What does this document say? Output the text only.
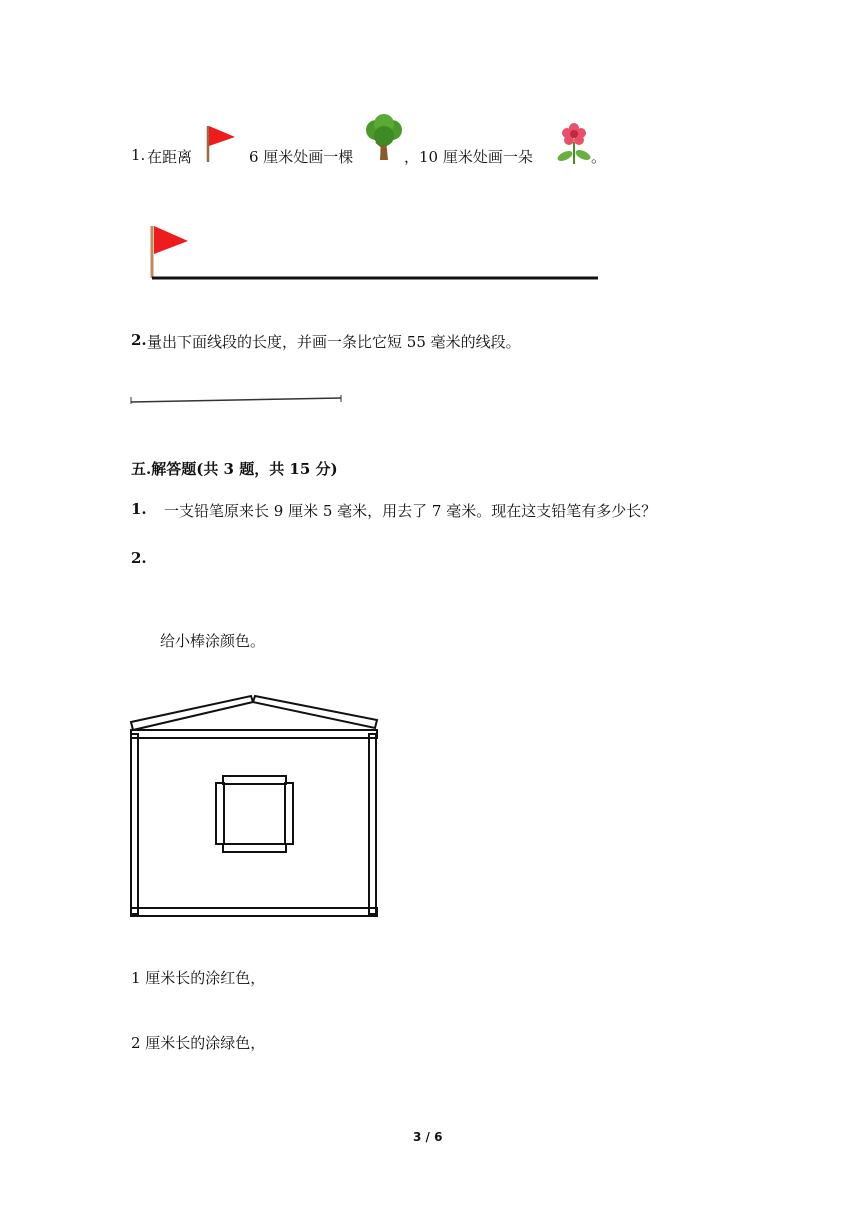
1. 在距离	6 厘米处画一棵	，10 厘米处画一朵	。
2. 量出下面线段的长度，并画一条比它短 55 毫米的线段。
五.解答题(共 3 题，共 15 分)
1. 一支铅笔原来长 9 厘米 5 毫米，用去了 7 毫米。现在这支铅笔有多少长？
2.
给小棒涂颜色。
1 厘米长的涂红色，
2 厘米长的涂绿色，
3 / 6
